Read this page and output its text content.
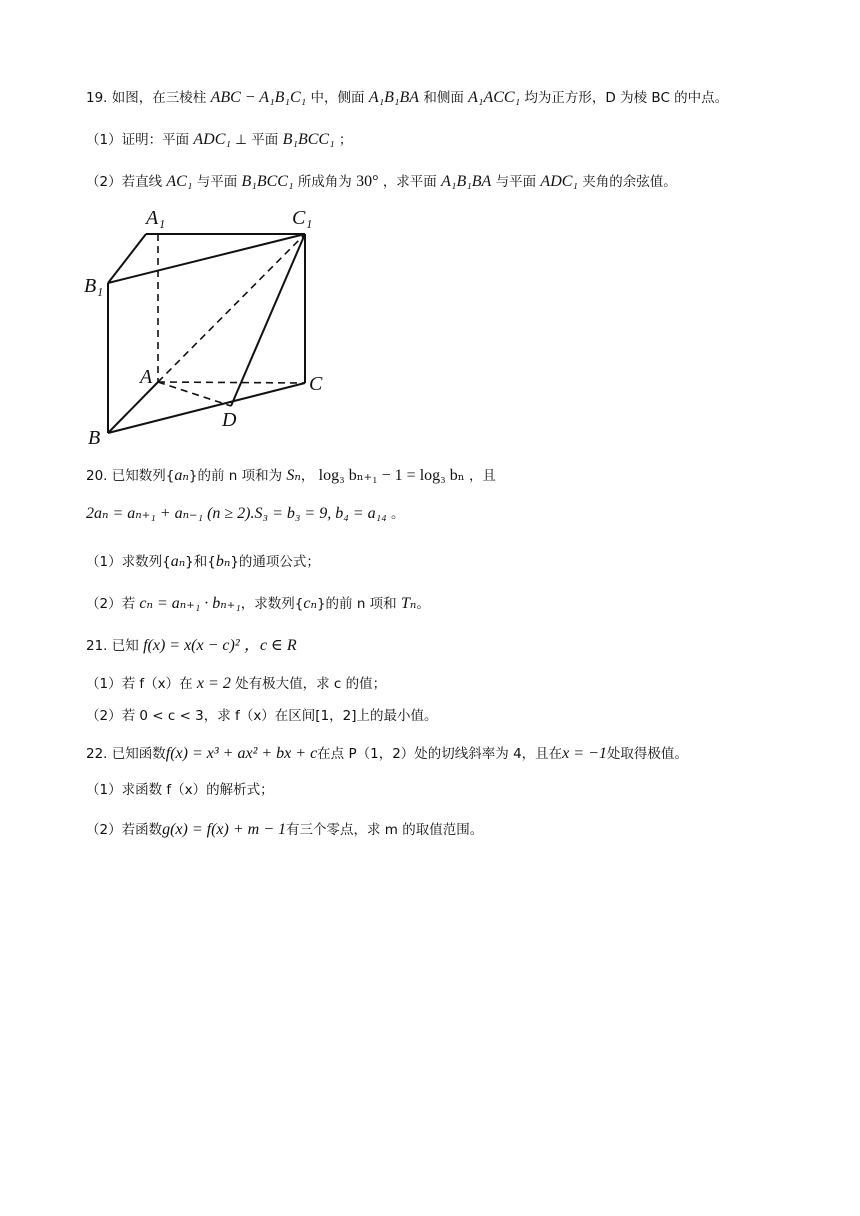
19. 如图，在三棱柱 ABC − A₁B₁C₁ 中，侧面 A₁B₁BA 和侧面 A₁ACC₁ 均为正方形，D 为棱 BC 的中点。
（1）证明：平面 ADC₁ ⊥ 平面 B₁BCC₁ ；
（2）若直线 AC₁ 与平面 B₁BCC₁ 所成角为 30° ，求平面 A₁B₁BA 与平面 ADC₁ 夹角的余弦值。
A₁	C₁
B₁
A	C
B
D
20. 已知数列{aₙ}的前 n 项和为 Sₙ， log₃ bₙ₊₁ − 1 = log₃ bₙ ，且
2aₙ = aₙ₊₁ + aₙ₋₁ (n ≥ 2).S₃ = b₃ = 9, b₄ = a₁₄ 。
（1）求数列{aₙ}和{bₙ}的通项公式；
（2）若 cₙ = aₙ₊₁ · bₙ₊₁，求数列{cₙ}的前 n 项和 Tₙ。
21. 已知 f(x) = x(x − c)² ，c ∈ R
（1）若 f（x）在 x = 2 处有极大值，求 c 的值；
（2）若 0 < c < 3，求 f（x）在区间[1，2]上的最小值。
22. 已知函数f(x) = x³ + ax² + bx + c在点 P（1，2）处的切线斜率为 4，且在x = −1处取得极值。
（1）求函数 f（x）的解析式；
（2）若函数g(x) = f(x) + m − 1有三个零点，求 m 的取值范围。
